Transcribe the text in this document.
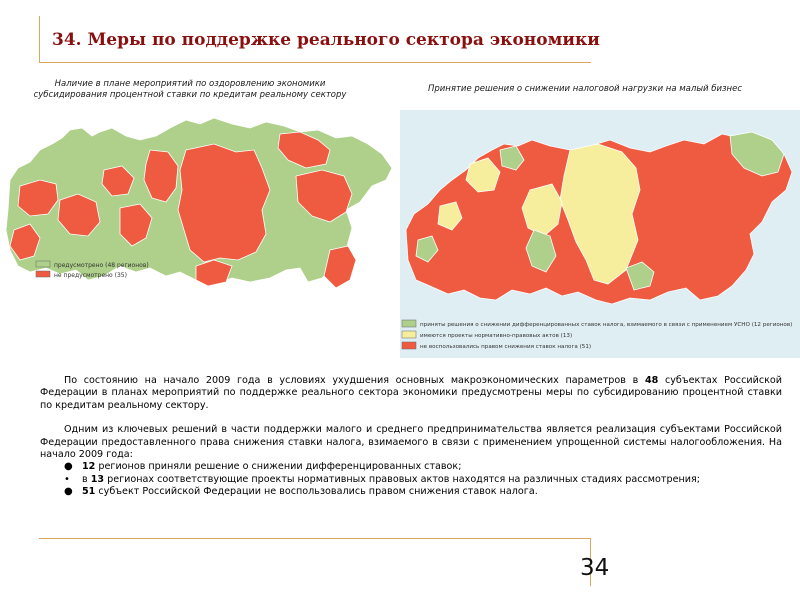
34. Меры по поддержке реального сектора экономики
Наличие в плане мероприятий по оздоровлению экономики субсидирования процентной ставки по кредитам реальному сектору
Принятие решения о снижении налоговой нагрузки на малый бизнес
предусмотрено (48 регионов)
не предусмотрено (35)
приняты решения о снижении дифференцированных ставок налога, взимаемого в связи с применением УСНО (12 регионов)
имеются проекты нормативно-правовых актов (13)
не воспользовались правом снижения ставок налога (51)

По состоянию на начало 2009 года в условиях ухудшения основных макроэкономических параметров в 48 субъектах Российской Федерации в планах мероприятий по поддержке реального сектора экономики предусмотрены меры по субсидированию процентной ставки по кредитам реальному сектору.

Одним из ключевых решений в части поддержки малого и среднего предпринимательства является реализация субъектами Российской Федерации предоставленного права снижения ставки налога, взимаемого в связи с применением упрощенной системы налогообложения. На начало 2009 года:

● 12 регионов приняли решение о снижении дифференцированных ставок;
• в 13 регионах соответствующие проекты нормативных правовых актов находятся на различных стадиях рассмотрения;
● 51 субъект Российской Федерации не воспользовались правом снижения ставок налога.
34
